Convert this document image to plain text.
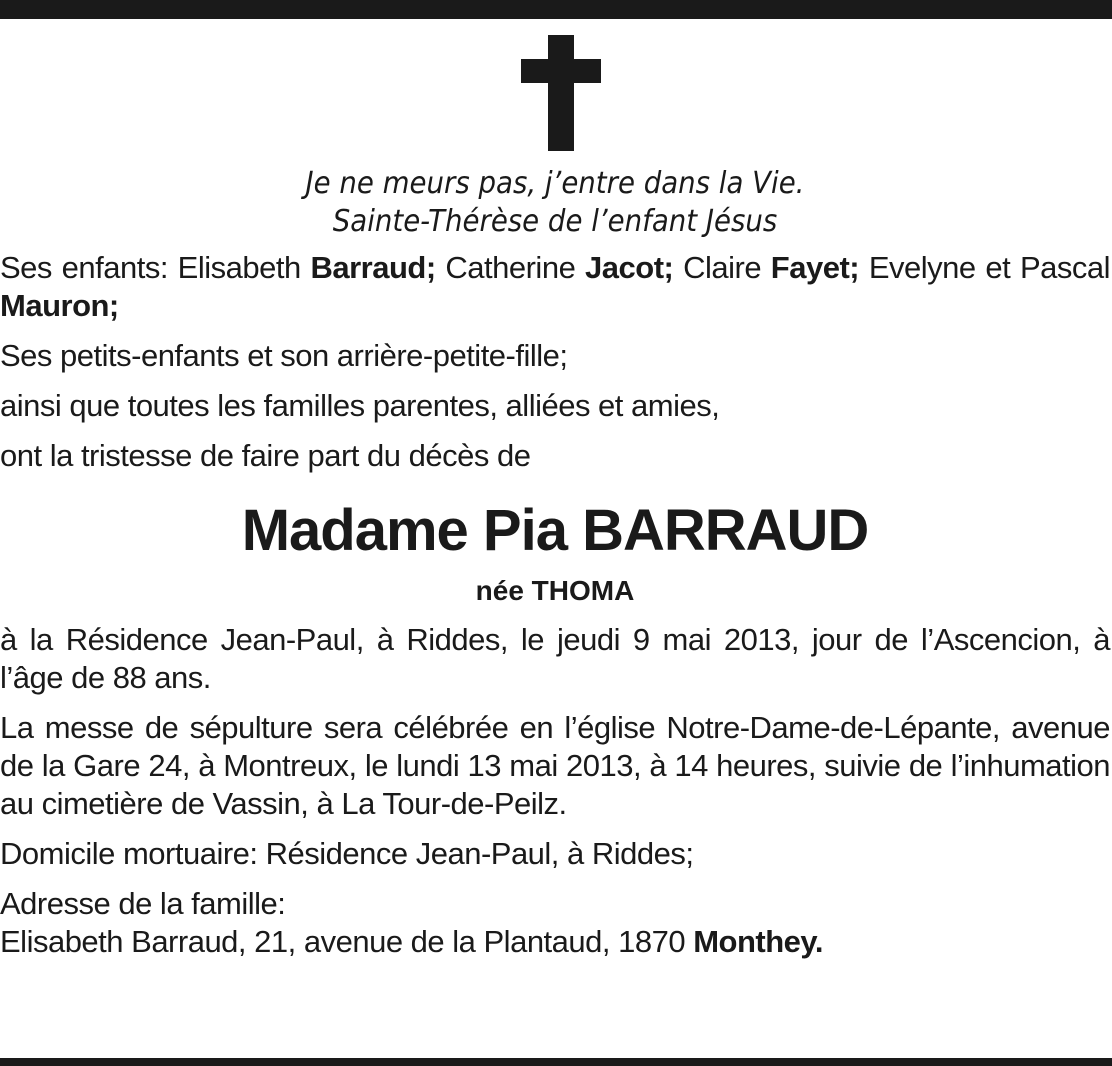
Je ne meurs pas, j’entre dans la Vie.
Sainte-Thérèse de l’enfant Jésus

Ses enfants: Elisabeth Barraud; Catherine Jacot; Claire Fayet; Evelyne et Pascal Mauron;

Ses petits-enfants et son arrière-petite-fille;

ainsi que toutes les familles parentes, alliées et amies,

ont la tristesse de faire part du décès de

Madame Pia BARRAUD
née THOMA

à la Résidence Jean-Paul, à Riddes, le jeudi 9 mai 2013, jour de l’Ascencion, à l’âge de 88 ans.

La messe de sépulture sera célébrée en l’église Notre-Dame-de-Lépante, avenue de la Gare 24, à Montreux, le lundi 13 mai 2013, à 14 heures, suivie de l’inhumation au cimetière de Vassin, à La Tour-de-Peilz.

Domicile mortuaire: Résidence Jean-Paul, à Riddes;

Adresse de la famille:
Elisabeth Barraud, 21, avenue de la Plantaud, 1870 Monthey.
